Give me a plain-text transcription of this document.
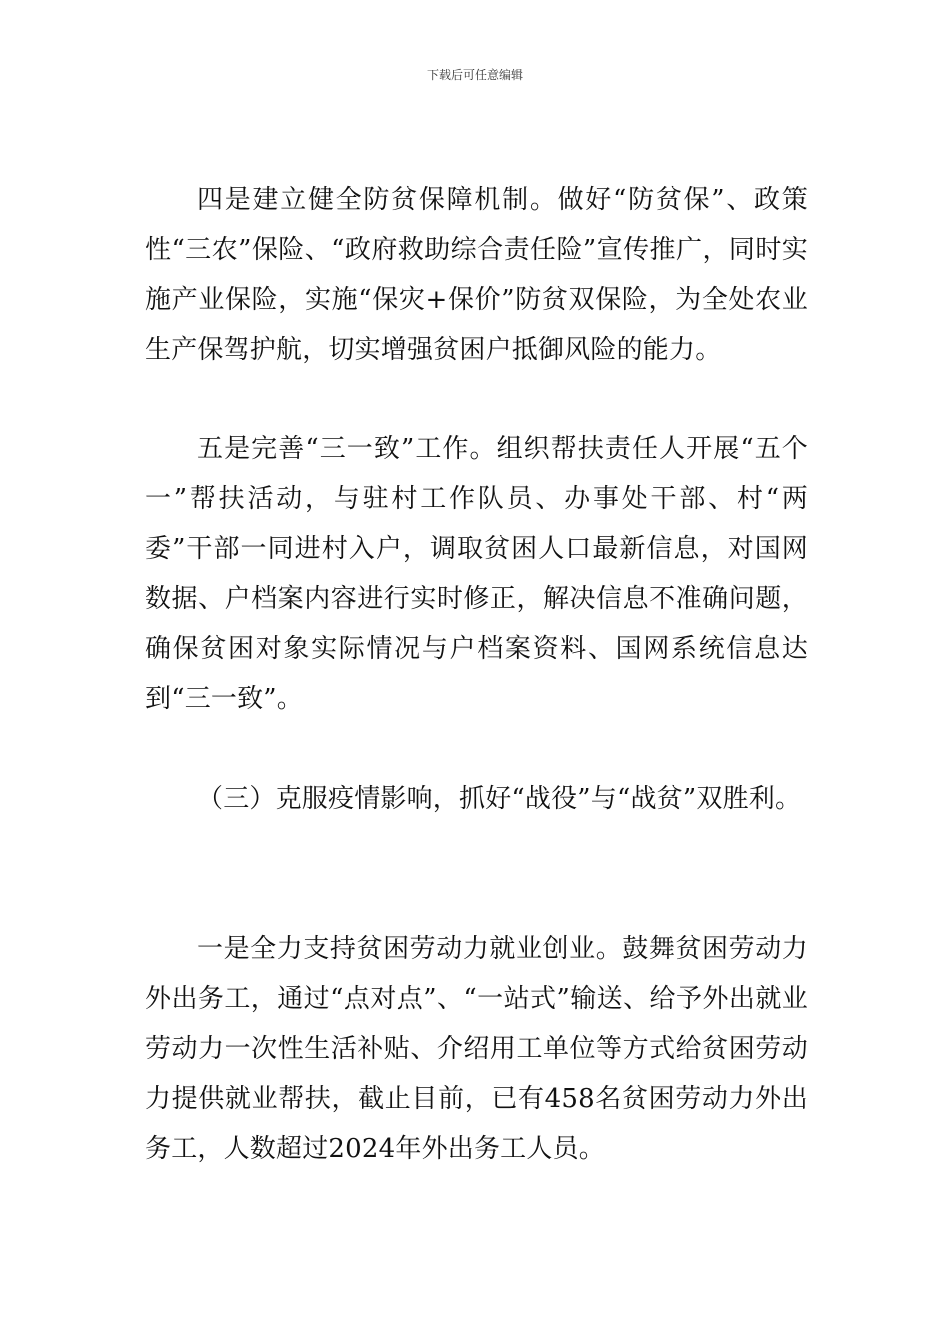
下载后可任意编辑

四是建立健全防贫保障机制。做好“防贫保”、政策性“三农”保险、“政府救助综合责任险”宣传推广，同时实施产业保险，实施“保灾+保价”防贫双保险，为全处农业生产保驾护航，切实增强贫困户抵御风险的能力。

五是完善“三一致”工作。组织帮扶责任人开展“五个一”帮扶活动，与驻村工作队员、办事处干部、村“两委”干部一同进村入户，调取贫困人口最新信息，对国网数据、户档案内容进行实时修正，解决信息不准确问题，确保贫困对象实际情况与户档案资料、国网系统信息达到“三一致”。

（三）克服疫情影响，抓好“战役”与“战贫”双胜利。

一是全力支持贫困劳动力就业创业。鼓舞贫困劳动力外出务工，通过“点对点”、“一站式”输送、给予外出就业劳动力一次性生活补贴、介绍用工单位等方式给贫困劳动力提供就业帮扶，截止目前，已有458名贫困劳动力外出务工，人数超过2024年外出务工人员。
